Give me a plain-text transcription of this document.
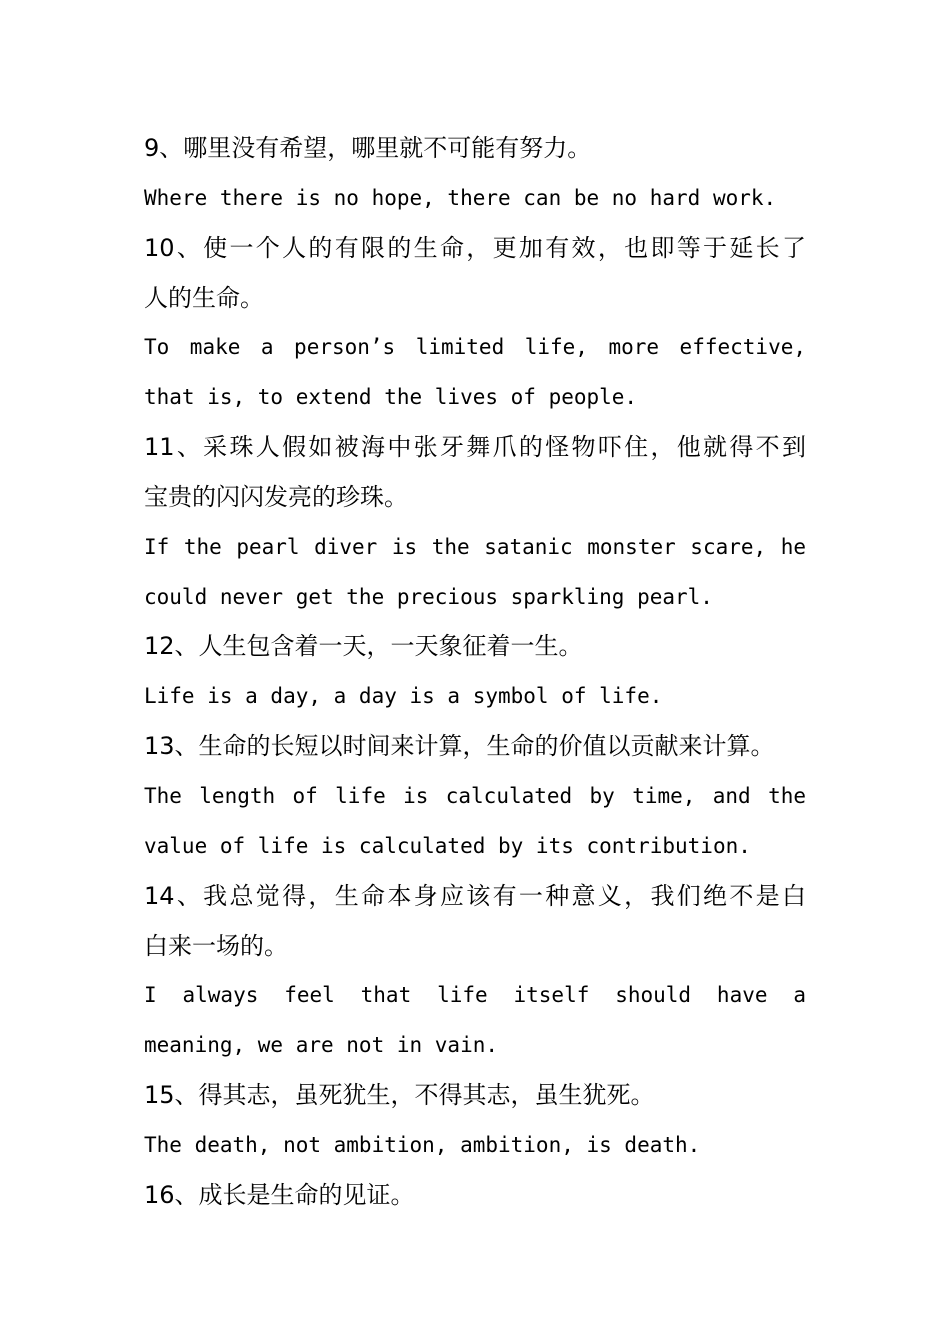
9、哪里没有希望，哪里就不可能有努力。
Where there is no hope, there can be no hard work.
10、使一个人的有限的生命，更加有效，也即等于延长了
人的生命。
To make a person’s limited life, more effective,
that is, to extend the lives of people.
11、采珠人假如被海中张牙舞爪的怪物吓住，他就得不到
宝贵的闪闪发亮的珍珠。
If the pearl diver is the satanic monster scare, he
could never get the precious sparkling pearl.
12、人生包含着一天，一天象征着一生。
Life is a day, a day is a symbol of life.
13、生命的长短以时间来计算，生命的价值以贡献来计算。
The length of life is calculated by time, and the
value of life is calculated by its contribution.
14、我总觉得，生命本身应该有一种意义，我们绝不是白
白来一场的。
I always feel that life itself should have a
meaning, we are not in vain.
15、得其志，虽死犹生，不得其志，虽生犹死。
The death, not ambition, ambition, is death.
16、成长是生命的见证。
